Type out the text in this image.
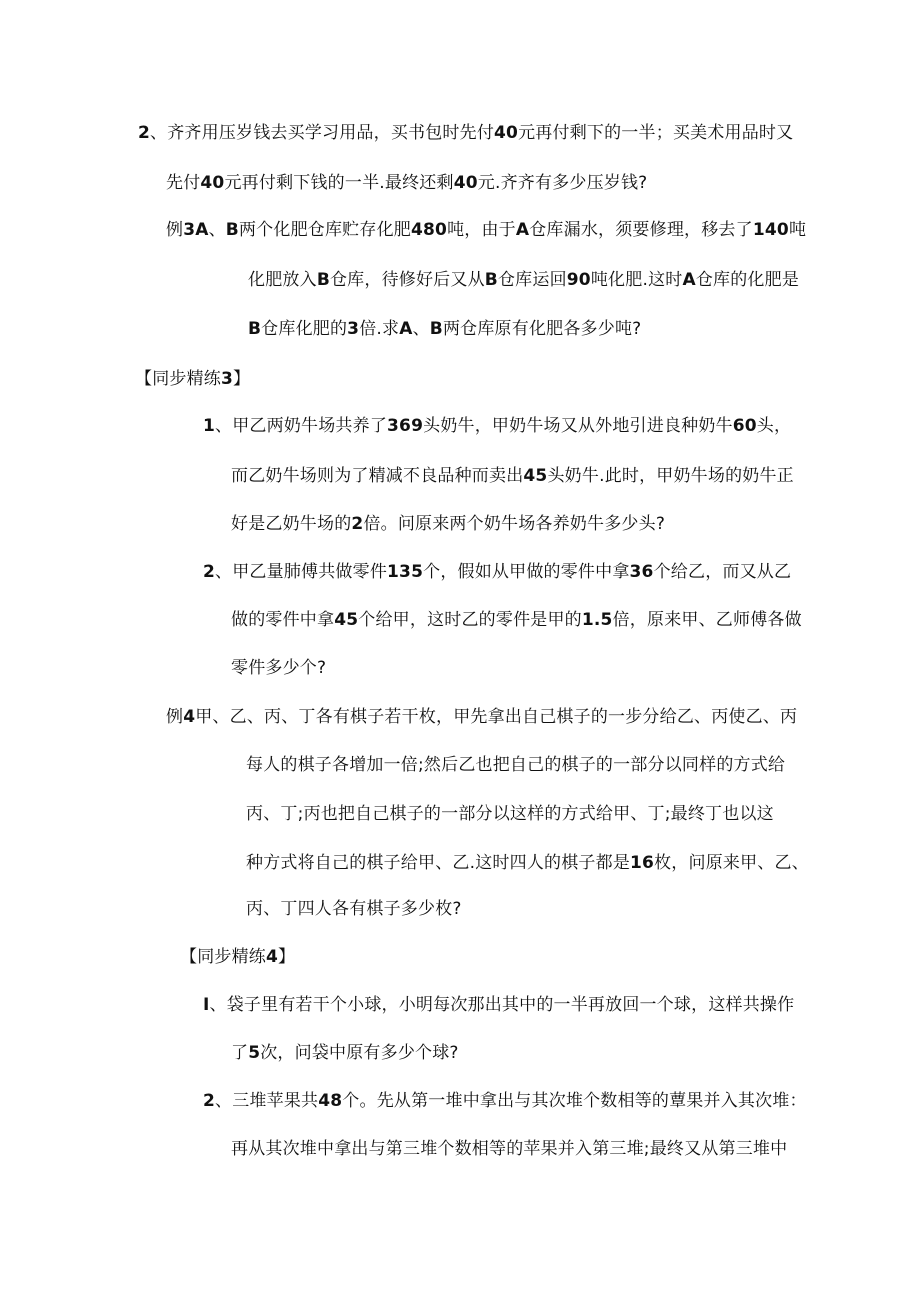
2、齐齐用压岁钱去买学习用品，买书包时先付40元再付剩下的一半；买美术用品时又
先付40元再付剩下钱的一半.最终还剩40元.齐齐有多少压岁钱?
例3A、B两个化肥仓库贮存化肥480吨，由于A仓库漏水，须要修理，移去了140吨
化肥放入B仓库，待修好后又从B仓库运回90吨化肥.这时A仓库的化肥是
B仓库化肥的3倍.求A、B两仓库原有化肥各多少吨?
【同步精练3】
1、甲乙两奶牛场共养了369头奶牛，甲奶牛场又从外地引进良种奶牛60头，
而乙奶牛场则为了精减不良品种而卖出45头奶牛.此时，甲奶牛场的奶牛正
好是乙奶牛场的2倍。问原来两个奶牛场各养奶牛多少头?
2、甲乙量肺傅共做零件135个，假如从甲做的零件中拿36个给乙，而又从乙
做的零件中拿45个给甲，这时乙的零件是甲的1.5倍，原来甲、乙师傅各做
零件多少个?
例4甲、乙、丙、丁各有棋子若干枚，甲先拿出自己棋子的一步分给乙、丙使乙、丙
每人的棋子各增加一倍;然后乙也把自己的棋子的一部分以同样的方式给
丙、丁;丙也把自己棋子的一部分以这样的方式给甲、丁;最终丁也以这
种方式将自己的棋子给甲、乙.这时四人的棋子都是16枚，问原来甲、乙、
丙、丁四人各有棋子多少枚?
【同步精练4】
I、袋子里有若干个小球，小明每次那出其中的一半再放回一个球，这样共操作
了5次，问袋中原有多少个球?
2、三堆苹果共48个。先从第一堆中拿出与其次堆个数相等的蕈果并入其次堆：
再从其次堆中拿出与第三堆个数相等的苹果并入第三堆;最终又从第三堆中
